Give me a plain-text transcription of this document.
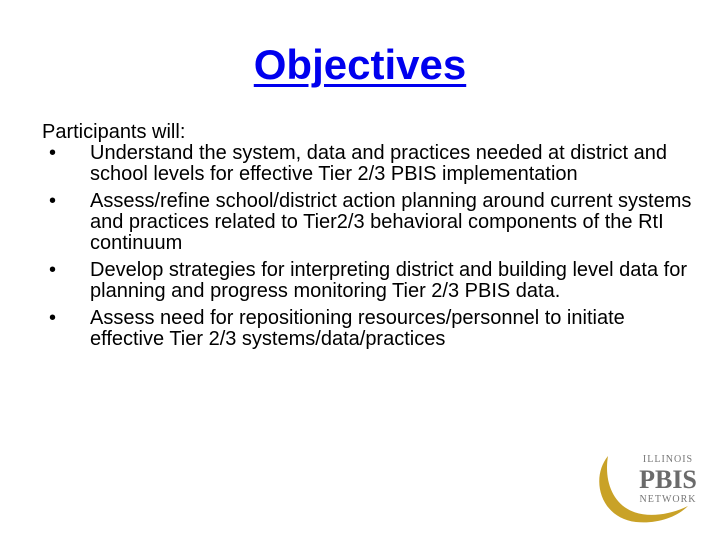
Objectives

Participants will:

•	Understand the system, data and practices needed at district and school levels for effective Tier 2/3 PBIS implementation
•	Assess/refine school/district action planning around current systems and practices related to Tier2/3 behavioral components of the RtI continuum
•	Develop strategies for interpreting district and building level data for planning and progress monitoring Tier 2/3 PBIS data.
•	Assess need for repositioning resources/personnel to initiate effective Tier 2/3 systems/data/practices
ILLINOIS
PBIS
NETWORK
